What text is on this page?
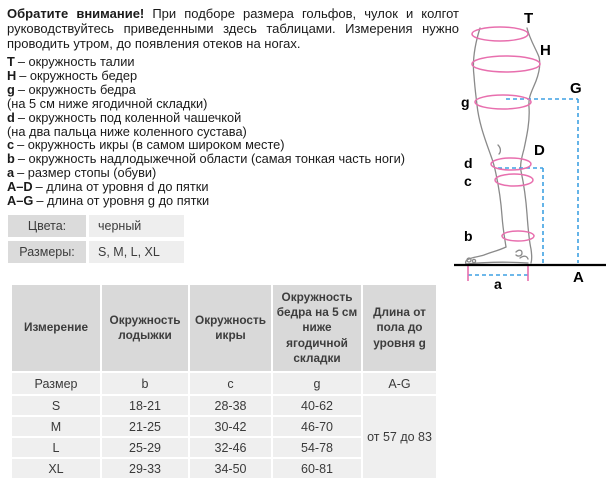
Обратите внимание! При подборе размера гольфов, чулок и колгот руководствуйтесь приведенными здесь таблицами. Измерения нужно проводить утром, до появления отеков на ногах.

Т – окружность талии
Н – окружность бедер
g – окружность бедра
(на 5 см ниже ягодичной складки)
d – окружность под коленной чашечкой
(на два пальца ниже коленного сустава)
c – окружность икры (в самом широком месте)
b – окружность надлодыжечной области (самая тонкая часть ноги)
a – размер стопы (обуви)
A–D – длина от уровня d до пятки
A–G – длина от уровня g до пятки
Цвета:	черный
Размеры:	S, M, L, XL
Измерение	Окружность лодыжки	Окружность икры	Окружность бедра на 5 см ниже ягодичной складки	Длина от пола до уровня g
Размер	b	c	g	A-G
S	18-21	28-38	40-62	от 57 до 83
M	21-25	30-42	46-70	
L	25-29	32-46	54-78	
XL	29-33	34-50	60-81	
T
H
G
g
D
d
c
b
A
a
